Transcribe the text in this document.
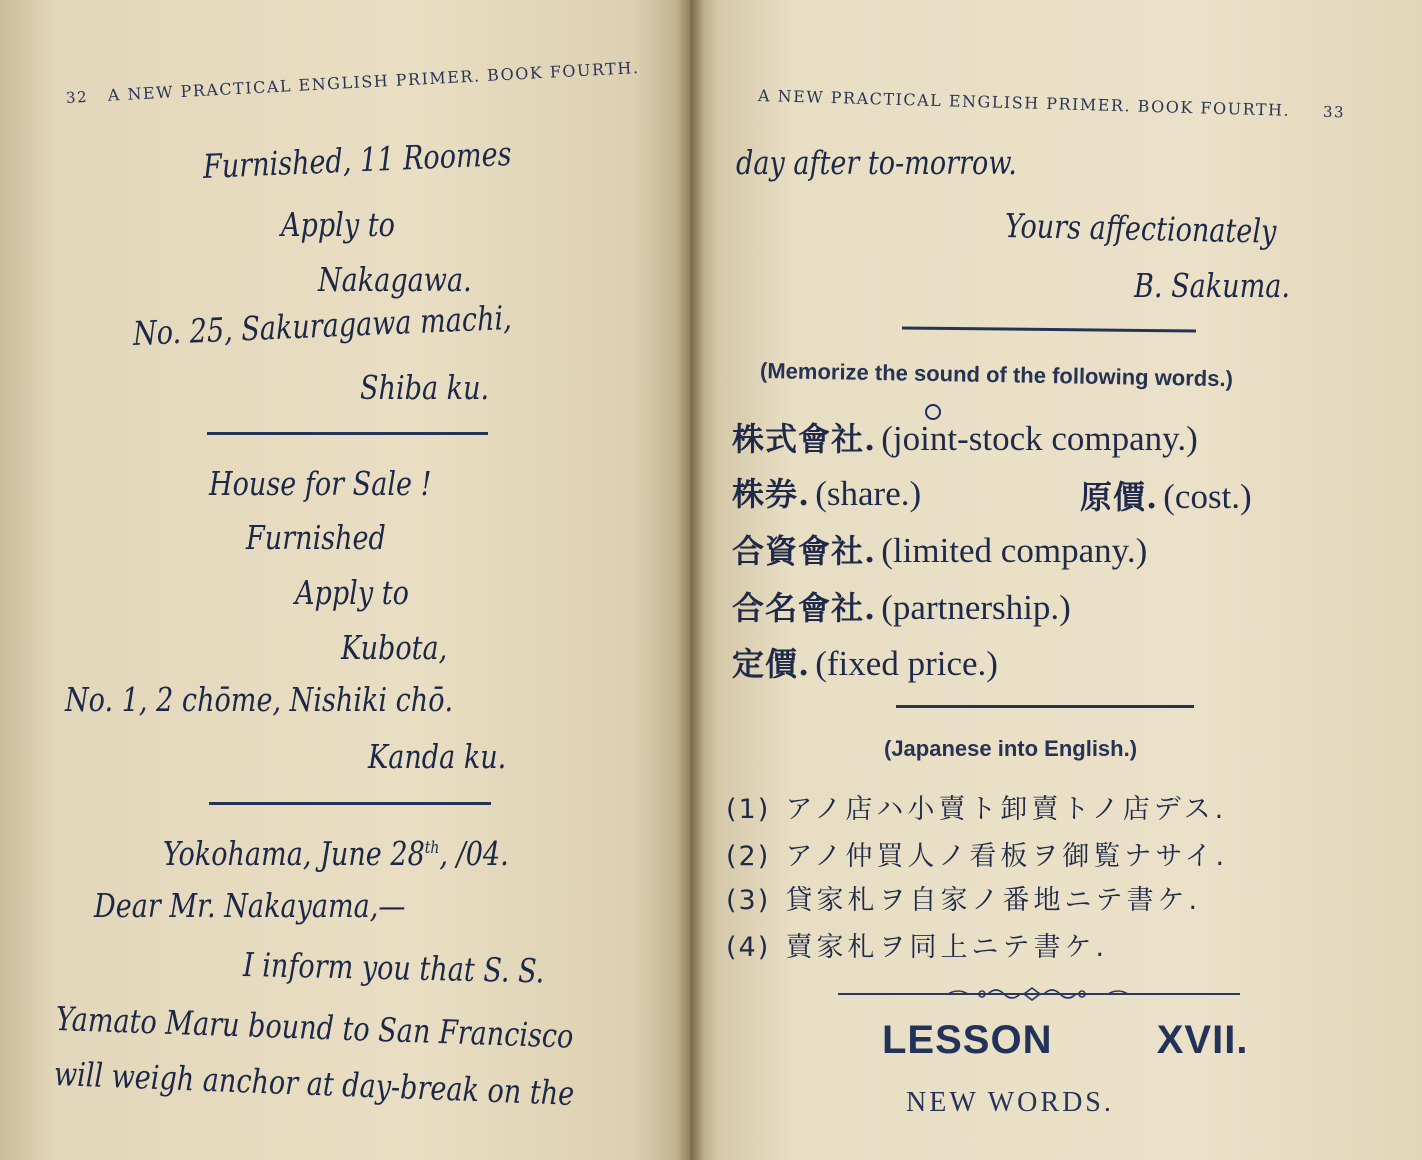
32 A NEW PRACTICAL ENGLISH PRIMER. BOOK FOURTH.
Furnished, 11 Roomes
Apply to
Nakagawa.
No. 25, Sakuragawa machi,
Shiba ku.
House for Sale !
Furnished
Apply to
Kubota,
No. 1, 2 chōme, Nishiki chō.
Kanda ku.
Yokohama, June 28th, /04.
Dear Mr. Nakayama,—
I inform you that S. S.
Yamato Maru bound to San Francisco
will weigh anchor at day-break on the
A NEW PRACTICAL ENGLISH PRIMER. BOOK FOURTH. 33
day after to-morrow.
Yours affectionately
B. Sakuma.
(Memorize the sound of the following words.)
株式會社. (joint-stock company.)
株券. (share.)	原價. (cost.)
合資會社. (limited company.)
合名會社. (partnership.)
定價. (fixed price.)
(Japanese into English.)
(1) アノ店ハ小賣ト卸賣トノ店デス.
(2) アノ仲買人ノ看板ヲ御覧ナサイ.
(3) 貸家札ヲ自家ノ番地ニテ書ケ.
(4) 賣家札ヲ同上ニテ書ケ.
LESSON	XVII.
NEW WORDS.
